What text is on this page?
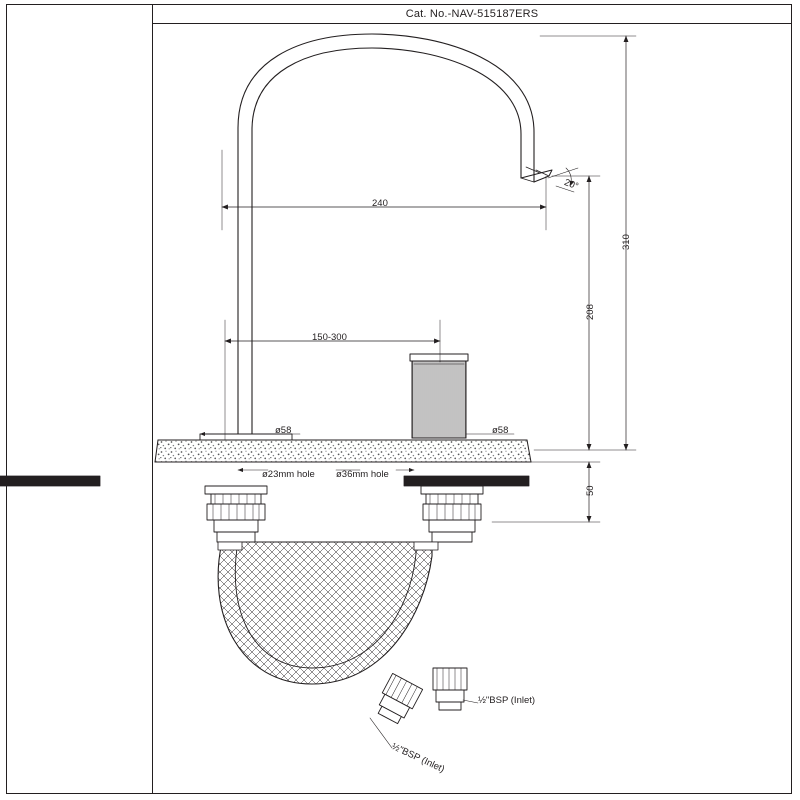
Cat. No.-NAV-515187ERS
240
150-300
310
208
50
20°
ø58	ø58
ø23mm hole ø36mm hole
½"BSP (Inlet)
½"BSP (Inlet)
